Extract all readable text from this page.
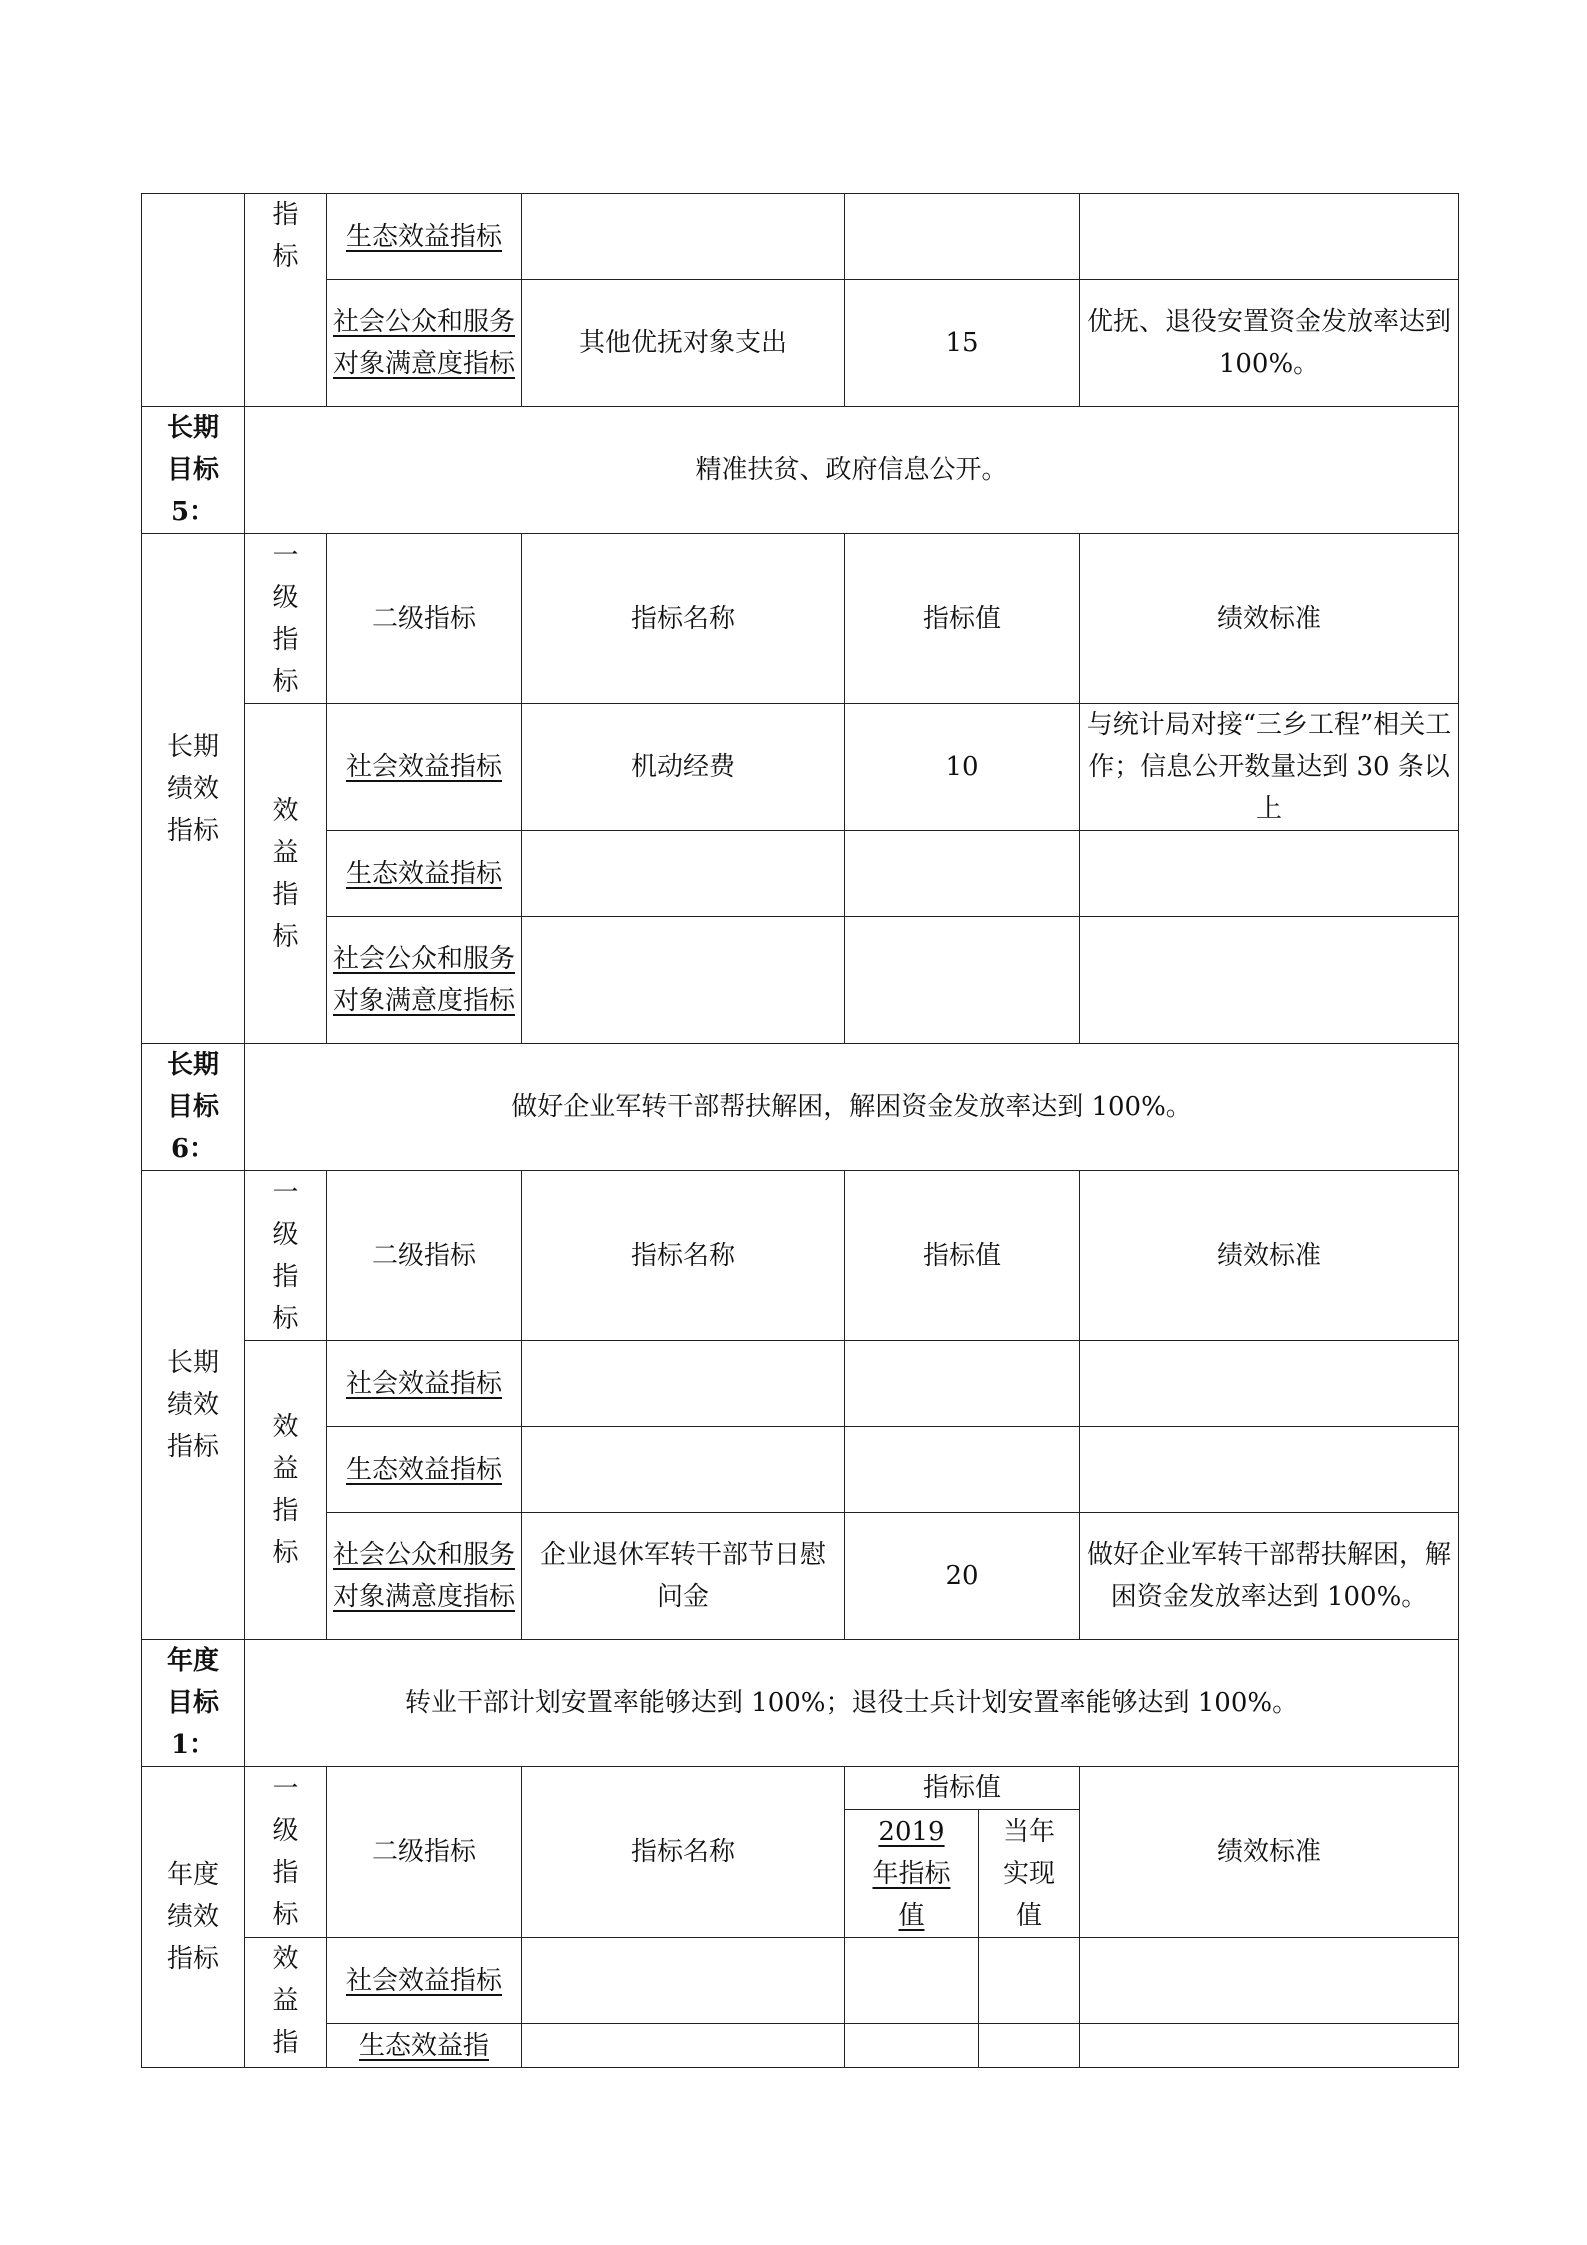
	指
标	生态效益指标				
		社会公众和服务对象满意度指标	其他优抚对象支出	15		优抚、退役安置资金发放率达到 100%。

长期目标5：	精准扶贫、政府信息公开。					

长期绩效指标	一级指标	二级指标	指标名称	指标值		绩效标准

	效益指标	社会效益指标	机动经费	10		与统计局对接“三乡工程”相关工作；信息公开数量达到 30 条以上
		生态效益指标				
		社会公众和服务对象满意度指标				

长期目标6：	做好企业军转干部帮扶解困，解困资金发放率达到 100%。					

长期绩效指标	一级指标	二级指标	指标名称	指标值		绩效标准

	效益指标	社会效益指标				
		生态效益指标				
		社会公众和服务对象满意度指标	企业退休军转干部节日慰问金	20		做好企业军转干部帮扶解困，解困资金发放率达到 100%。

年度目标1：	转业干部计划安置率能够达到 100%；退役士兵计划安置率能够达到 100%。					

年度绩效指标	一级指标	二级指标	指标名称	指标值		绩效标准

				2019 年指标值	当年实现值	

	效益指	社会效益指标				
		生态效益指				
